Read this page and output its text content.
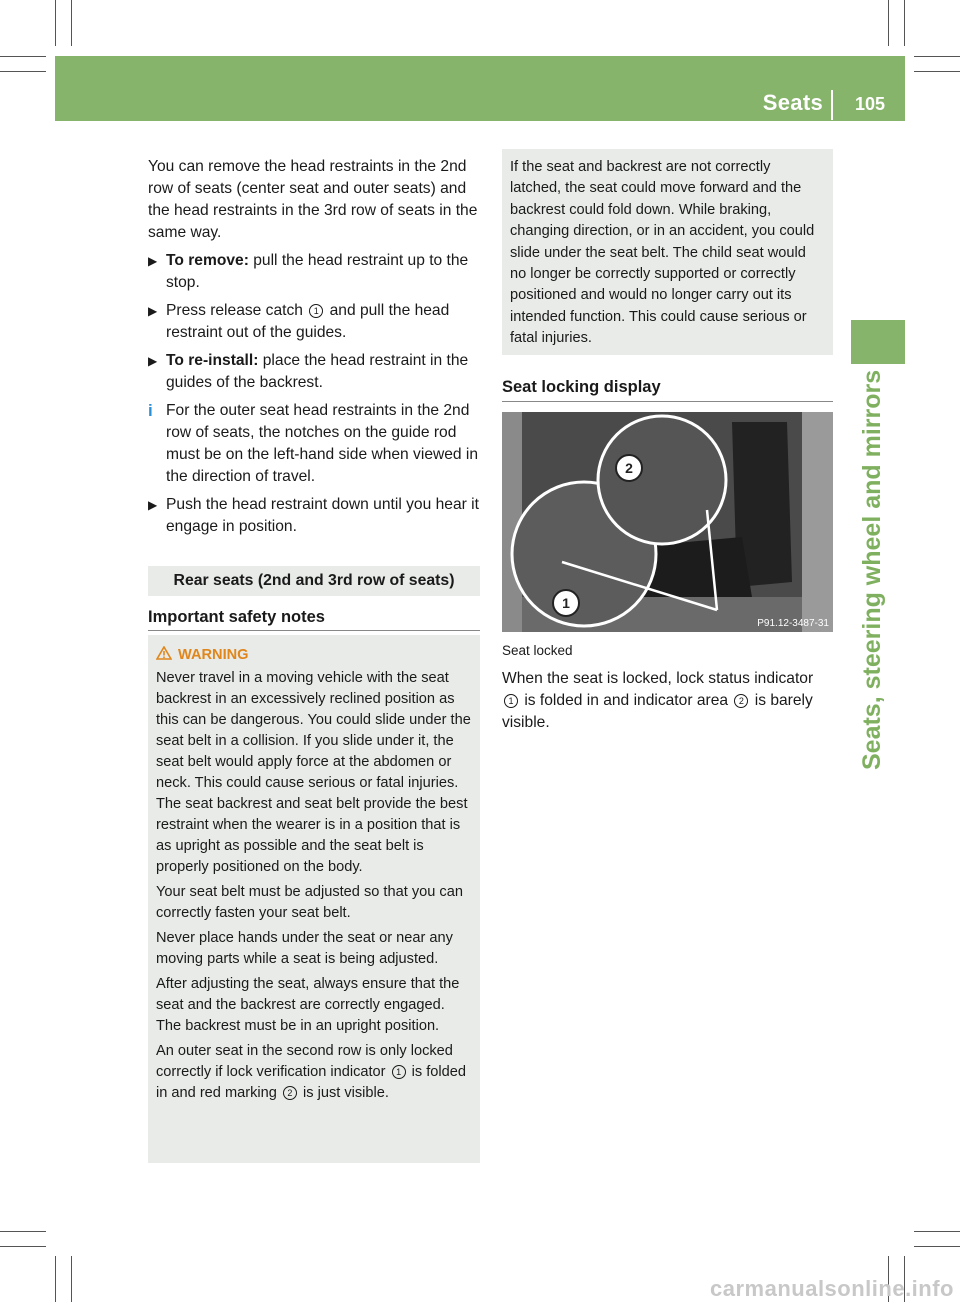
Seats 105
Seats, steering wheel and mirrors

You can remove the head restraints in the 2nd row of seats (center seat and outer seats) and the head restraints in the 3rd row of seats in the same way.

▶ To remove: pull the head restraint up to the stop.
▶ Press release catch 1 and pull the head restraint out of the guides.
▶ To re-install: place the head restraint in the guides of the backrest.
i For the outer seat head restraints in the 2nd row of seats, the notches on the guide rod must be on the left-hand side when viewed in the direction of travel.
▶ Push the head restraint down until you hear it engage in position.
Rear seats (2nd and 3rd row of seats)
Important safety notes
WARNING

Never travel in a moving vehicle with the seat backrest in an excessively reclined position as this can be dangerous. You could slide under the seat belt in a collision. If you slide under it, the seat belt would apply force at the abdomen or neck. This could cause serious or fatal injuries. The seat backrest and seat belt provide the best restraint when the wearer is in a position that is as upright as possible and the seat belt is properly positioned on the body.

Your seat belt must be adjusted so that you can correctly fasten your seat belt.

Never place hands under the seat or near any moving parts while a seat is being adjusted.

After adjusting the seat, always ensure that the seat and the backrest are correctly engaged. The backrest must be in an upright position.

An outer seat in the second row is only locked correctly if lock verification indicator 1 is folded in and red marking 2 is just visible.

If the seat and backrest are not correctly latched, the seat could move forward and the backrest could fold down. While braking, changing direction, or in an accident, you could slide under the seat belt. The child seat would no longer be correctly supported or correctly positioned and would no longer carry out its intended function. This could cause serious or fatal injuries.
Seat locking display
1
2
P91.12-3487-31
Seat locked
When the seat is locked, lock status indicator 1 is folded in and indicator area 2 is barely visible.
carmanualsonline.info
